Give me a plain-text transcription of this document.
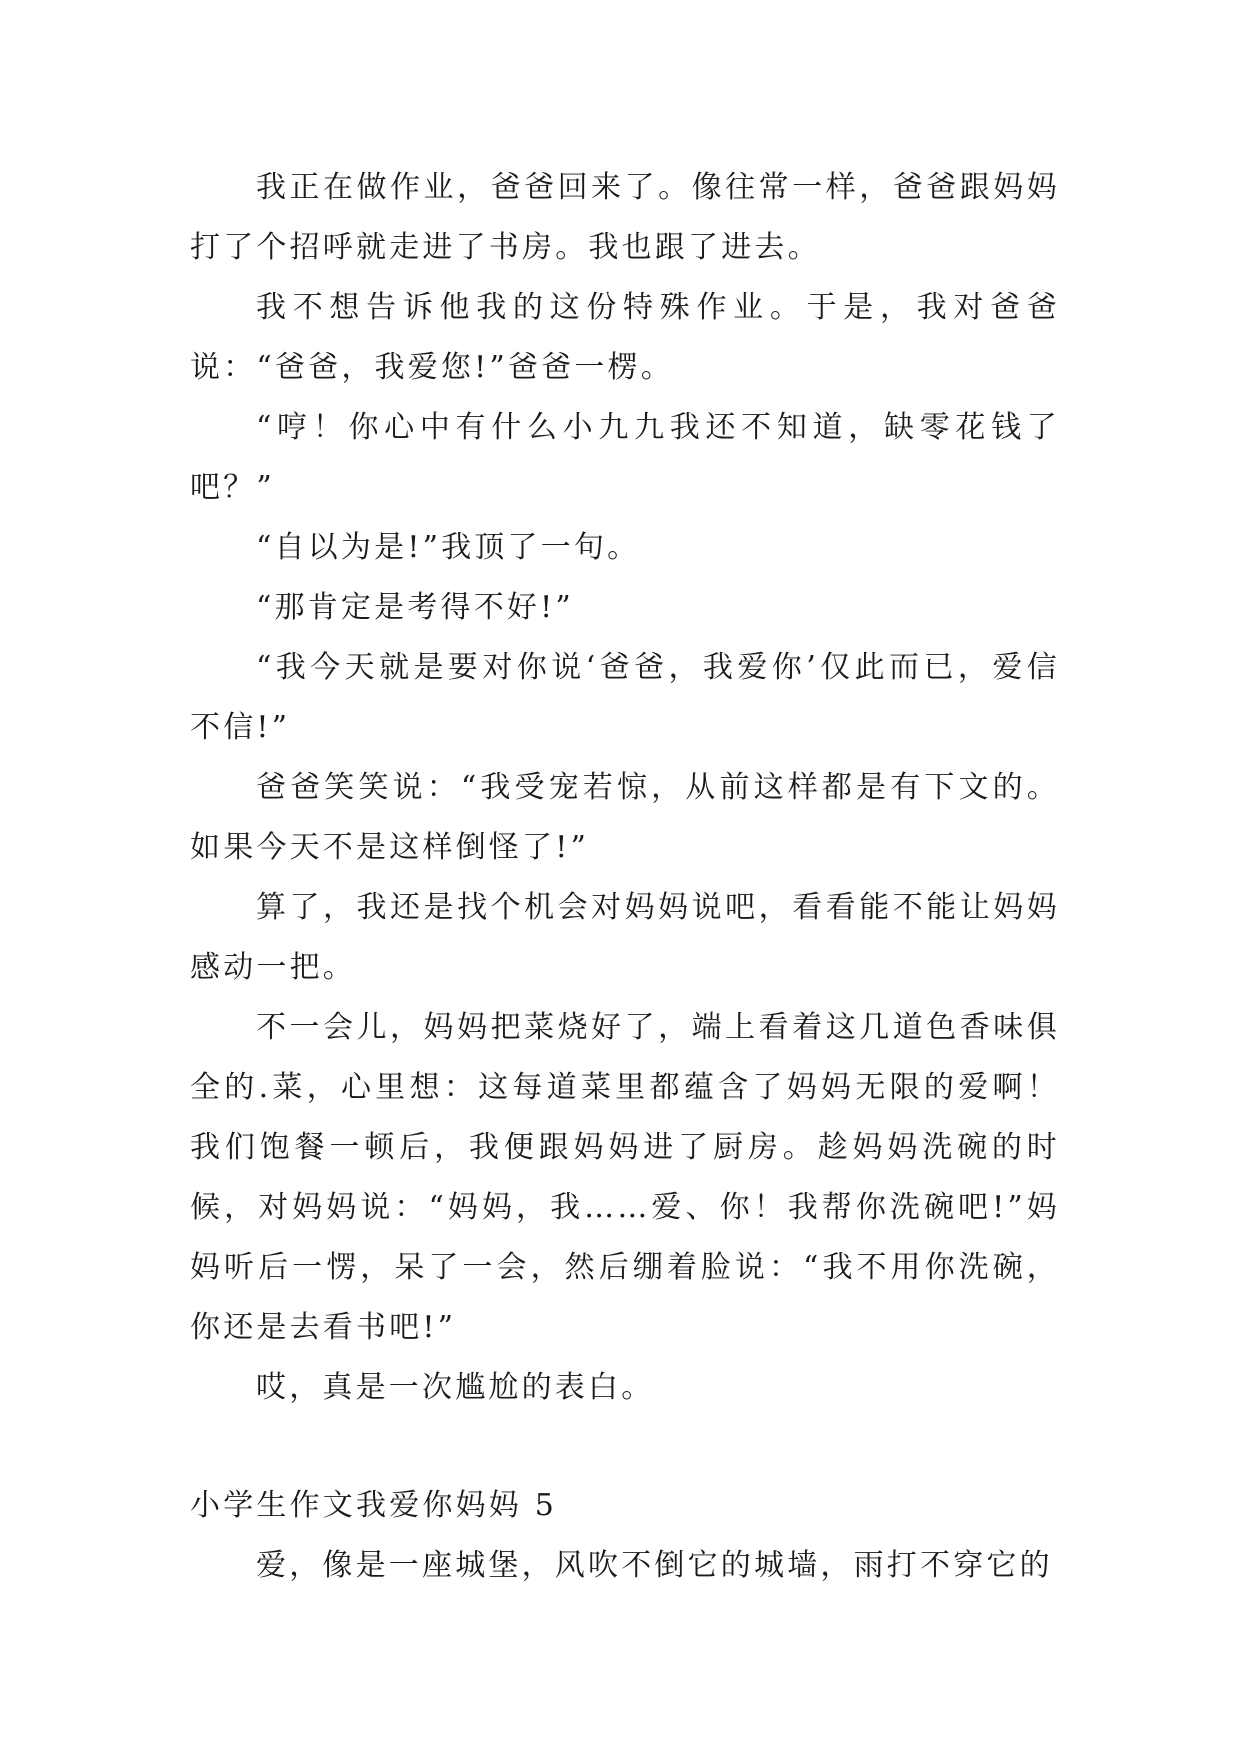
我正在做作业，爸爸回来了。像往常一样，爸爸跟妈妈打了个招呼就走进了书房。我也跟了进去。

我不想告诉他我的这份特殊作业。于是，我对爸爸说：“爸爸，我爱您!”爸爸一楞。

“哼！你心中有什么小九九我还不知道，缺零花钱了吧？”

“自以为是!”我顶了一句。

“那肯定是考得不好!”

“我今天就是要对你说‘爸爸，我爱你’仅此而已，爱信不信!”

爸爸笑笑说：“我受宠若惊，从前这样都是有下文的。如果今天不是这样倒怪了!”

算了，我还是找个机会对妈妈说吧，看看能不能让妈妈感动一把。

不一会儿，妈妈把菜烧好了，端上看着这几道色香味俱全的.菜，心里想：这每道菜里都蕴含了妈妈无限的爱啊！我们饱餐一顿后，我便跟妈妈进了厨房。趁妈妈洗碗的时候，对妈妈说：“妈妈，我……爱、你！我帮你洗碗吧!”妈妈听后一愣，呆了一会，然后绷着脸说：“我不用你洗碗，你还是去看书吧!”

哎，真是一次尴尬的表白。

小学生作文我爱你妈妈 5

爱，像是一座城堡，风吹不倒它的城墙，雨打不穿它的
